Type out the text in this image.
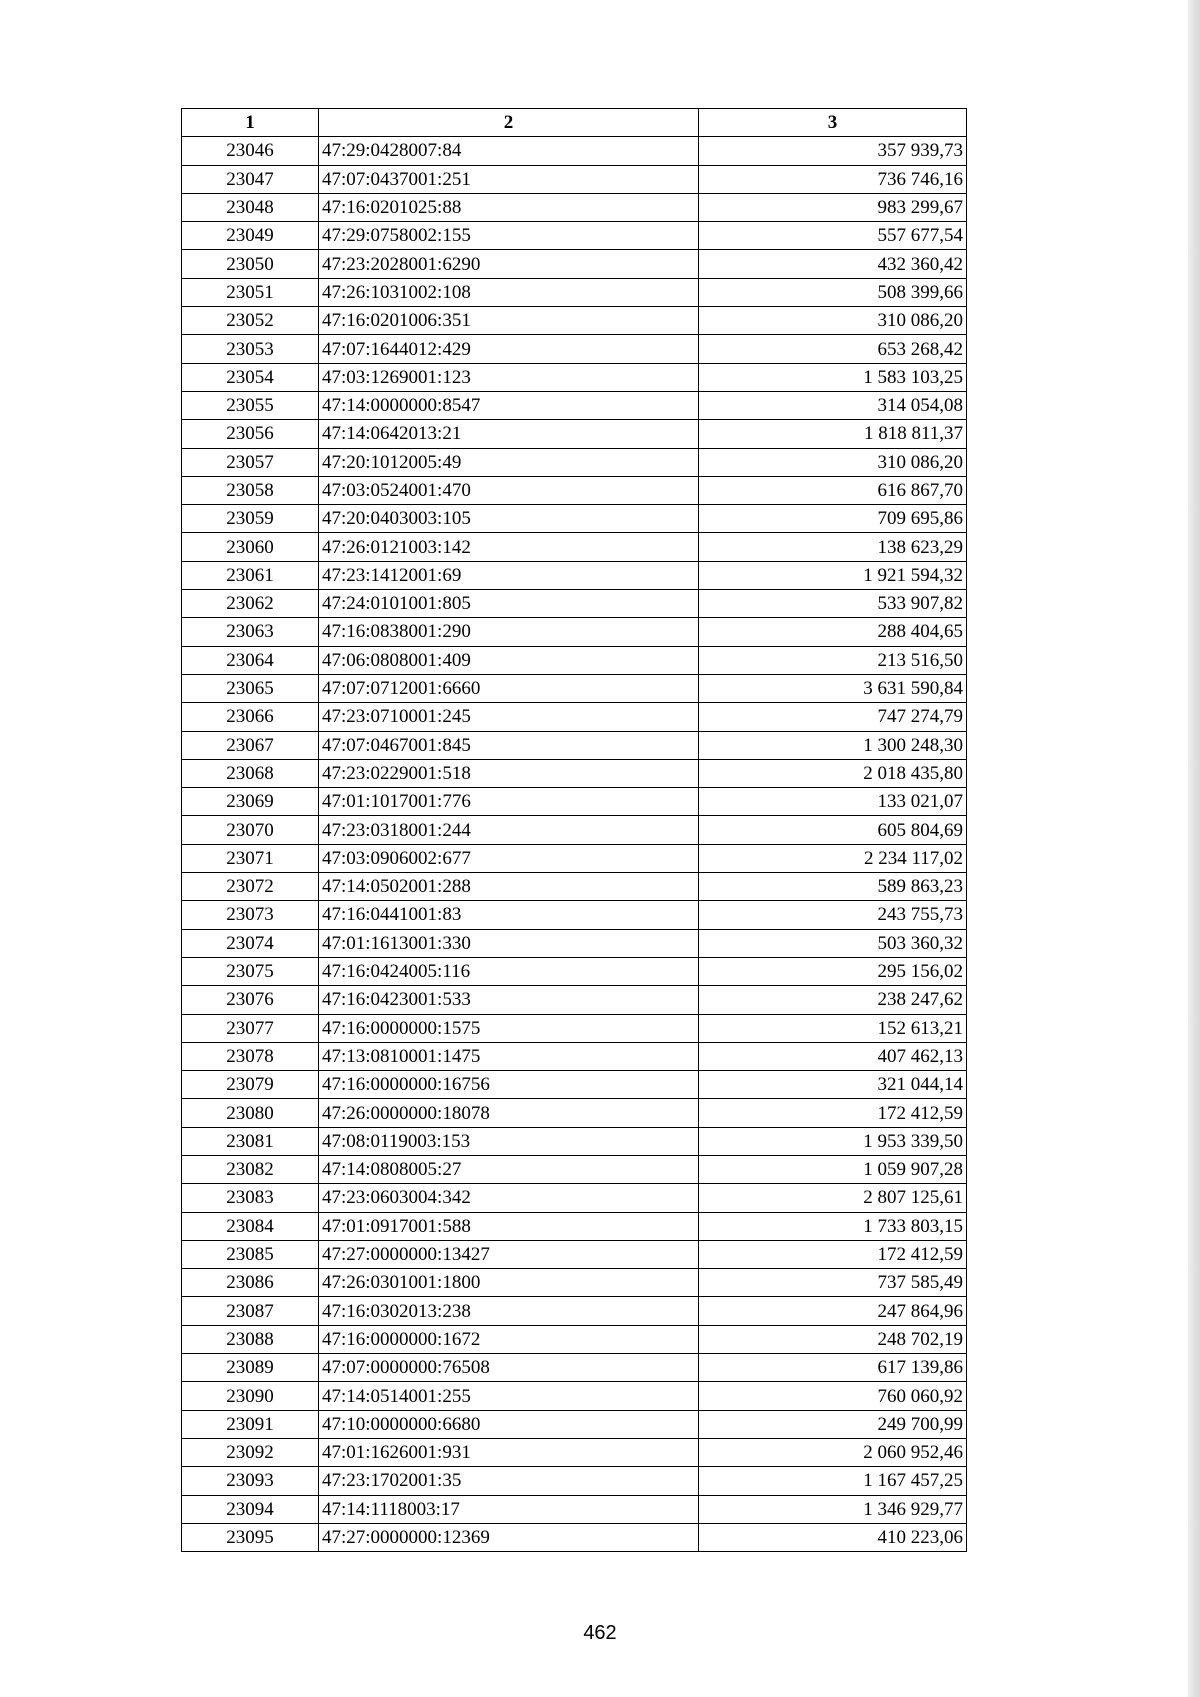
1	2	3
23046	47:29:0428007:84	357 939,73
23047	47:07:0437001:251	736 746,16
23048	47:16:0201025:88	983 299,67
23049	47:29:0758002:155	557 677,54
23050	47:23:2028001:6290	432 360,42
23051	47:26:1031002:108	508 399,66
23052	47:16:0201006:351	310 086,20
23053	47:07:1644012:429	653 268,42
23054	47:03:1269001:123	1 583 103,25
23055	47:14:0000000:8547	314 054,08
23056	47:14:0642013:21	1 818 811,37
23057	47:20:1012005:49	310 086,20
23058	47:03:0524001:470	616 867,70
23059	47:20:0403003:105	709 695,86
23060	47:26:0121003:142	138 623,29
23061	47:23:1412001:69	1 921 594,32
23062	47:24:0101001:805	533 907,82
23063	47:16:0838001:290	288 404,65
23064	47:06:0808001:409	213 516,50
23065	47:07:0712001:6660	3 631 590,84
23066	47:23:0710001:245	747 274,79
23067	47:07:0467001:845	1 300 248,30
23068	47:23:0229001:518	2 018 435,80
23069	47:01:1017001:776	133 021,07
23070	47:23:0318001:244	605 804,69
23071	47:03:0906002:677	2 234 117,02
23072	47:14:0502001:288	589 863,23
23073	47:16:0441001:83	243 755,73
23074	47:01:1613001:330	503 360,32
23075	47:16:0424005:116	295 156,02
23076	47:16:0423001:533	238 247,62
23077	47:16:0000000:1575	152 613,21
23078	47:13:0810001:1475	407 462,13
23079	47:16:0000000:16756	321 044,14
23080	47:26:0000000:18078	172 412,59
23081	47:08:0119003:153	1 953 339,50
23082	47:14:0808005:27	1 059 907,28
23083	47:23:0603004:342	2 807 125,61
23084	47:01:0917001:588	1 733 803,15
23085	47:27:0000000:13427	172 412,59
23086	47:26:0301001:1800	737 585,49
23087	47:16:0302013:238	247 864,96
23088	47:16:0000000:1672	248 702,19
23089	47:07:0000000:76508	617 139,86
23090	47:14:0514001:255	760 060,92
23091	47:10:0000000:6680	249 700,99
23092	47:01:1626001:931	2 060 952,46
23093	47:23:1702001:35	1 167 457,25
23094	47:14:1118003:17	1 346 929,77
23095	47:27:0000000:12369	410 223,06
462
